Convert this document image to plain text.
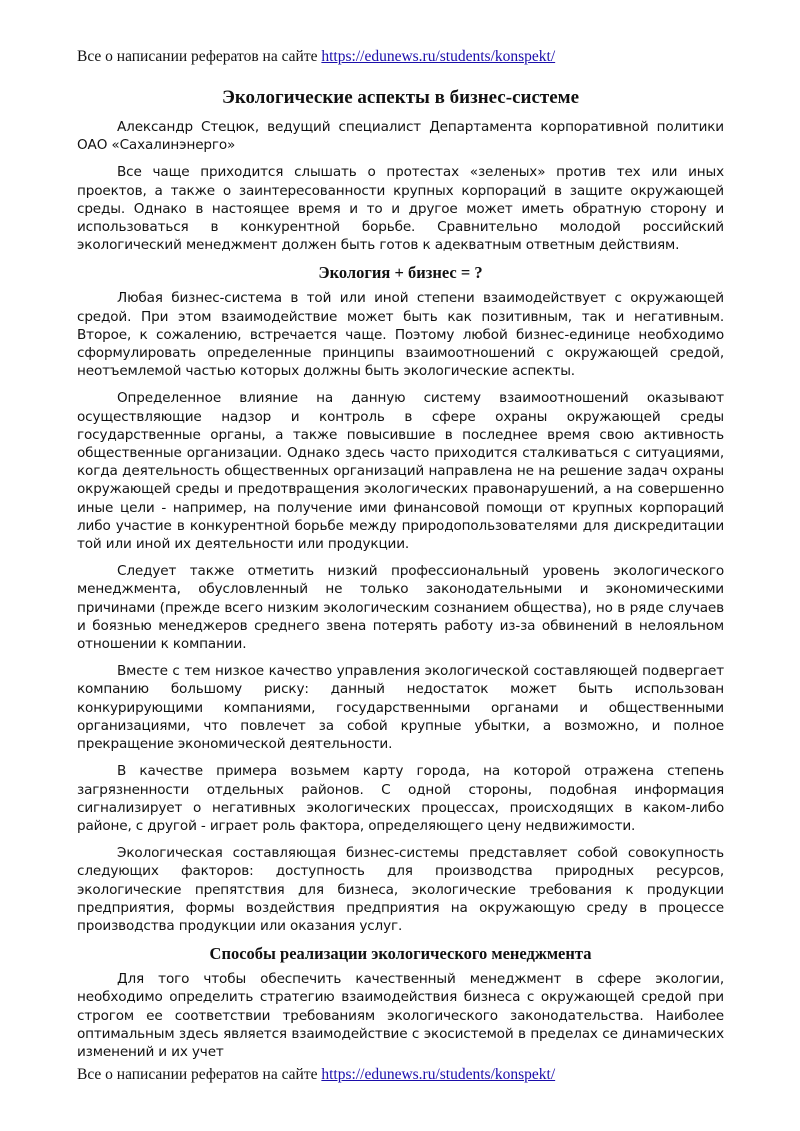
Все о написании рефератов на сайте https://edunews.ru/students/konspekt/
Экологические аспекты в бизнес-системе

Александр Стецюк, ведущий специалист Департамента корпоративной политики ОАО «Сахалинэнерго»

Все чаще приходится слышать о протестах «зеленых» против тех или иных проектов, а также о заинтересованности крупных корпораций в защите окружающей среды. Однако в настоящее время и то и другое может иметь обратную сторону и использоваться в конкурентной борьбе. Сравнительно молодой российский экологический менеджмент должен быть готов к адекватным ответным действиям.

Экология + бизнес = ?

Любая бизнес-система в той или иной степени взаимодействует с окружающей средой. При этом взаимодействие может быть как позитивным, так и негативным. Второе, к сожалению, встречается чаще. Поэтому любой бизнес-единице необходимо сформулировать определенные принципы взаимоотношений с окружающей средой, неотъемлемой частью которых должны быть экологические аспекты.

Определенное влияние на данную систему взаимоотношений оказывают осуществляющие надзор и контроль в сфере охраны окружающей среды государственные органы, а также повысившие в последнее время свою активность общественные организации. Однако здесь часто приходится сталкиваться с ситуациями, когда деятельность общественных организаций направлена не на решение задач охраны окружающей среды и предотвращения экологических правонарушений, а на совершенно иные цели - например, на получение ими финансовой помощи от крупных корпораций либо участие в конкурентной борьбе между природопользователями для дискредитации той или иной их деятельности или продукции.

Следует также отметить низкий профессиональный уровень экологического менеджмента, обусловленный не только законодательными и экономическими причинами (прежде всего низким экологическим сознанием общества), но в ряде случаев и боязнью менеджеров среднего звена потерять работу из-за обвинений в нелояльном отношении к компании.

Вместе с тем низкое качество управления экологической составляющей подвергает компанию большому риску: данный недостаток может быть использован конкурирующими компаниями, государственными органами и общественными организациями, что повлечет за собой крупные убытки, а возможно, и полное прекращение экономической деятельности.

В качестве примера возьмем карту города, на которой отражена степень загрязненности отдельных районов. С одной стороны, подобная информация сигнализирует о негативных экологических процессах, происходящих в каком-либо районе, с другой - играет роль фактора, определяющего цену недвижимости.

Экологическая составляющая бизнес-системы представляет собой совокупность следующих факторов: доступность для производства природных ресурсов, экологические препятствия для бизнеса, экологические требования к продукции предприятия, формы воздействия предприятия на окружающую среду в процессе производства продукции или оказания услуг.

Способы реализации экологического менеджмента

Для того чтобы обеспечить качественный менеджмент в сфере экологии, необходимо определить стратегию взаимодействия бизнеса с окружающей средой при строгом ее соответствии требованиям экологического законодательства. Наиболее оптимальным здесь является взаимодействие с экосистемой в пределах се динамических изменений и их учет

Все о написании рефератов на сайте https://edunews.ru/students/konspekt/
